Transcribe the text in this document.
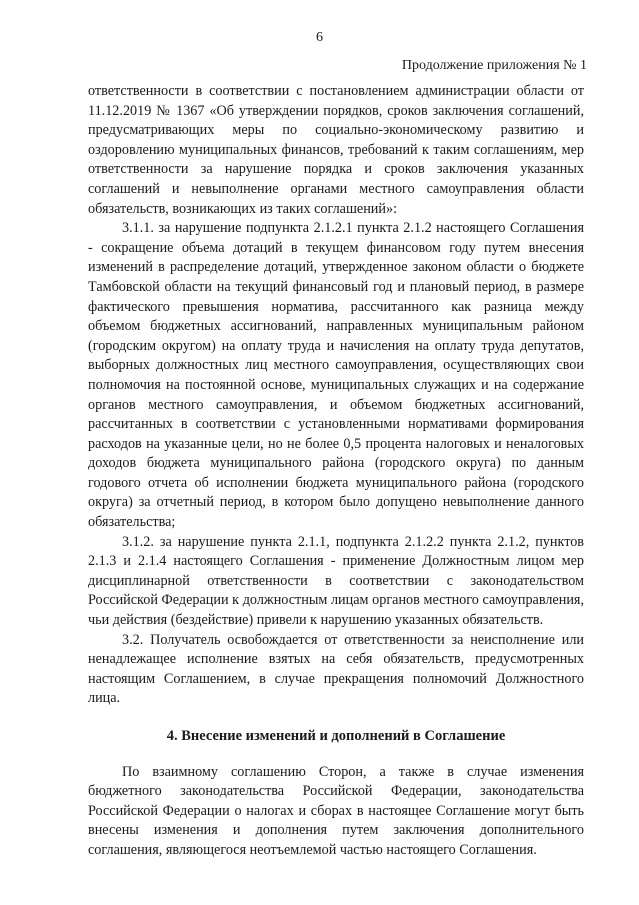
6
Продолжение приложения № 1

ответственности в соответствии с постановлением администрации области от 11.12.2019 № 1367 «Об утверждении порядков, сроков заключения соглашений, предусматривающих меры по социально-экономическому развитию и оздоровлению муниципальных финансов, требований к таким соглашениям, мер ответственности за нарушение порядка и сроков заключения указанных соглашений и невыполнение органами местного самоуправления области обязательств, возникающих из таких соглашений»:

3.1.1. за нарушение подпункта 2.1.2.1 пункта 2.1.2 настоящего Соглашения - сокращение объема дотаций в текущем финансовом году путем внесения изменений в распределение дотаций, утвержденное законом области о бюджете Тамбовской области на текущий финансовый год и плановый период, в размере фактического превышения норматива, рассчитанного как разница между объемом бюджетных ассигнований, направленных муниципальным районом (городским округом) на оплату труда и начисления на оплату труда депутатов, выборных должностных лиц местного самоуправления, осуществляющих свои полномочия на постоянной основе, муниципальных служащих и на содержание органов местного самоуправления, и объемом бюджетных ассигнований, рассчитанных в соответствии с установленными нормативами формирования расходов на указанные цели, но не более 0,5 процента налоговых и неналоговых доходов бюджета муниципального района (городского округа) по данным годового отчета об исполнении бюджета муниципального района (городского округа) за отчетный период, в котором было допущено невыполнение данного обязательства;

3.1.2. за нарушение пункта 2.1.1, подпункта 2.1.2.2 пункта 2.1.2, пунктов 2.1.3 и 2.1.4 настоящего Соглашения - применение Должностным лицом мер дисциплинарной ответственности в соответствии с законодательством Российской Федерации к должностным лицам органов местного самоуправления, чьи действия (бездействие) привели к нарушению указанных обязательств.

3.2. Получатель освобождается от ответственности за неисполнение или ненадлежащее исполнение взятых на себя обязательств, предусмотренных настоящим Соглашением, в случае прекращения полномочий Должностного лица.

4. Внесение изменений и дополнений в Соглашение

По взаимному соглашению Сторон, а также в случае изменения бюджетного законодательства Российской Федерации, законодательства Российской Федерации о налогах и сборах в настоящее Соглашение могут быть внесены изменения и дополнения путем заключения дополнительного соглашения, являющегося неотъемлемой частью настоящего Соглашения.
